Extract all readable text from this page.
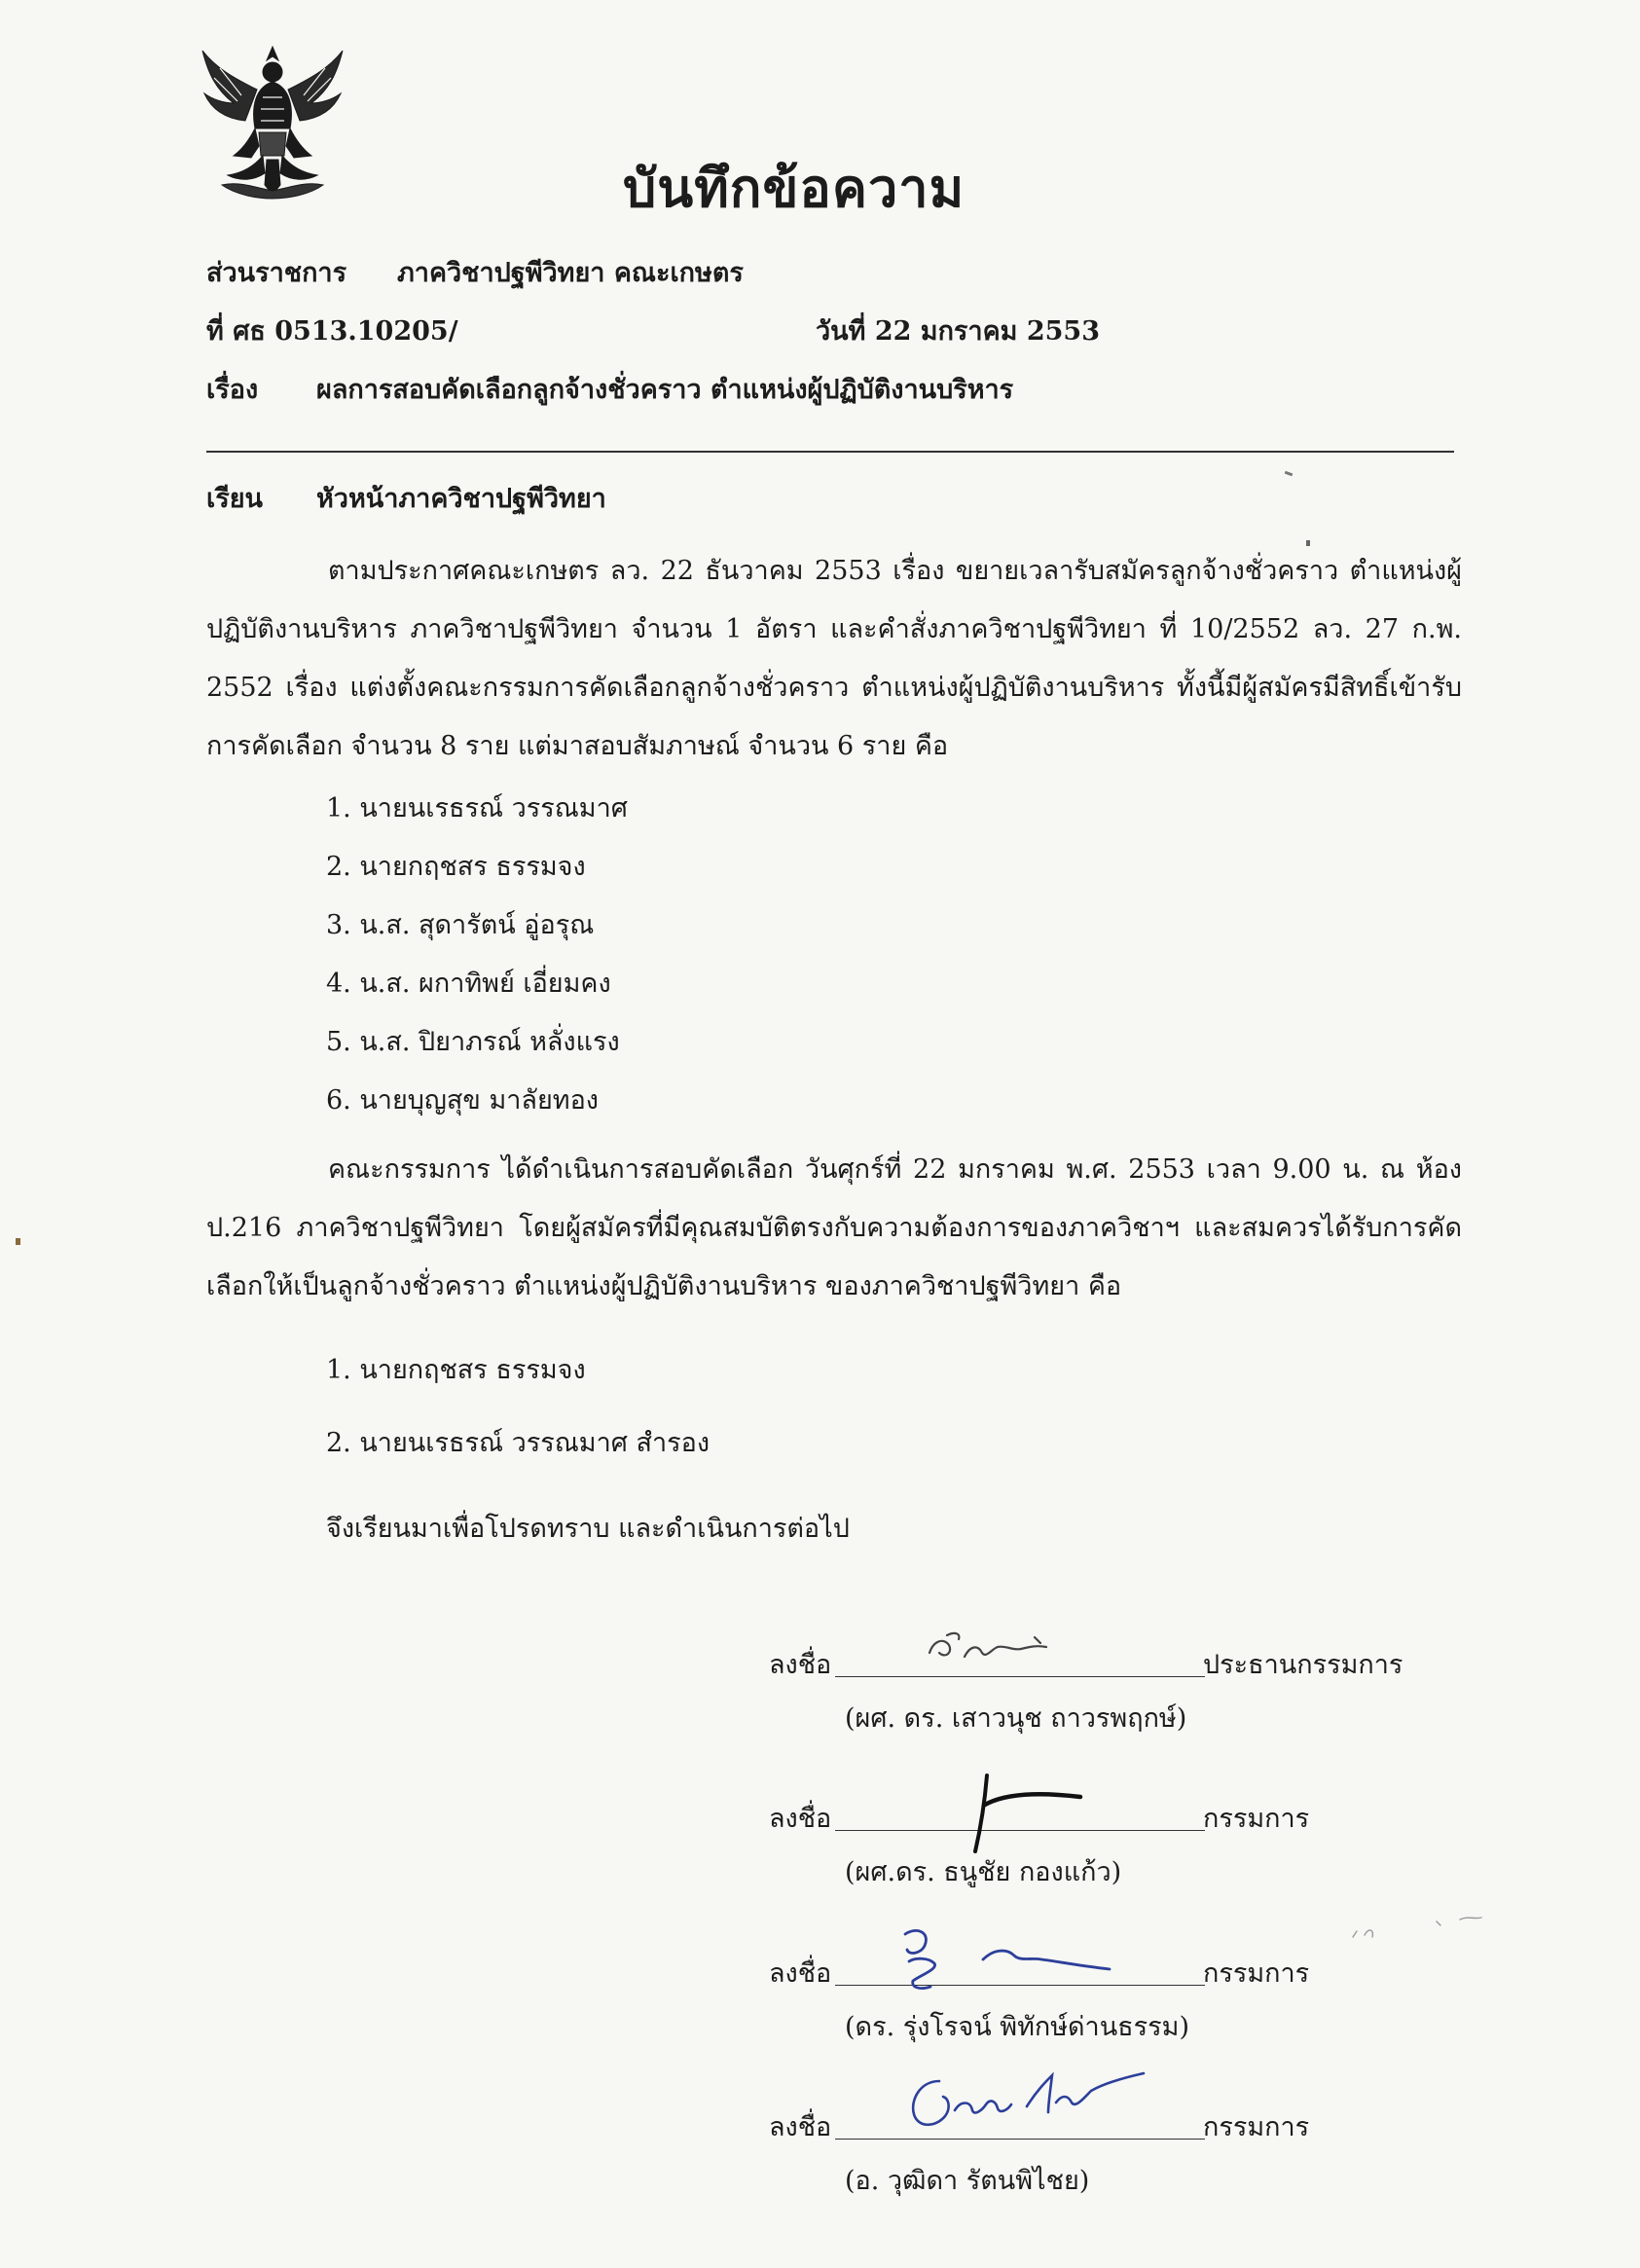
บันทึกข้อความ
ส่วนราชการ ภาควิชาปฐพีวิทยา คณะเกษตร
ที่ ศธ 0513.10205/	วันที่ 22 มกราคม 2553
เรื่อง ผลการสอบคัดเลือกลูกจ้างชั่วคราว ตำแหน่งผู้ปฏิบัติงานบริหาร
เรียน หัวหน้าภาควิชาปฐพีวิทยา
ตามประกาศคณะเกษตร ลว. 22 ธันวาคม 2553 เรื่อง ขยายเวลารับสมัครลูกจ้างชั่วคราว ตำแหน่งผู้ปฏิบัติงานบริหาร ภาควิชาปฐพีวิทยา จำนวน 1 อัตรา และคำสั่งภาควิชาปฐพีวิทยา ที่ 10/2552 ลว. 27 ก.พ. 2552 เรื่อง แต่งตั้งคณะกรรมการคัดเลือกลูกจ้างชั่วคราว ตำแหน่งผู้ปฏิบัติงานบริหาร ทั้งนี้มีผู้สมัครมีสิทธิ์เข้ารับการคัดเลือก จำนวน 8 ราย แต่มาสอบสัมภาษณ์ จำนวน 6 ราย คือ
1. นายนเรธรณ์ วรรณมาศ
2. นายกฤชสร ธรรมจง
3. น.ส. สุดารัตน์ อู่อรุณ
4. น.ส. ผกาทิพย์ เอี่ยมคง
5. น.ส. ปิยาภรณ์ หลั่งแรง
6. นายบุญสุข มาลัยทอง
คณะกรรมการ ได้ดำเนินการสอบคัดเลือก วันศุกร์ที่ 22 มกราคม พ.ศ. 2553 เวลา 9.00 น. ณ ห้อง ป.216 ภาควิชาปฐพีวิทยา โดยผู้สมัครที่มีคุณสมบัติตรงกับความต้องการของภาควิชาฯ และสมควรได้รับการคัดเลือกให้เป็นลูกจ้างชั่วคราว ตำแหน่งผู้ปฏิบัติงานบริหาร ของภาควิชาปฐพีวิทยา คือ
1. นายกฤชสร ธรรมจง
2. นายนเรธรณ์ วรรณมาศ สำรอง
จึงเรียนมาเพื่อโปรดทราบ และดำเนินการต่อไป
ลงชื่อ	ประธานกรรมการ
(ผศ. ดร. เสาวนุช ถาวรพฤกษ์)
ลงชื่อ	กรรมการ
(ผศ.ดร. ธนูชัย กองแก้ว)
ลงชื่อ	กรรมการ
(ดร. รุ่งโรจน์ พิทักษ์ด่านธรรม)
ลงชื่อ	กรรมการ
(อ. วุฒิดา รัตนพิไชย)
